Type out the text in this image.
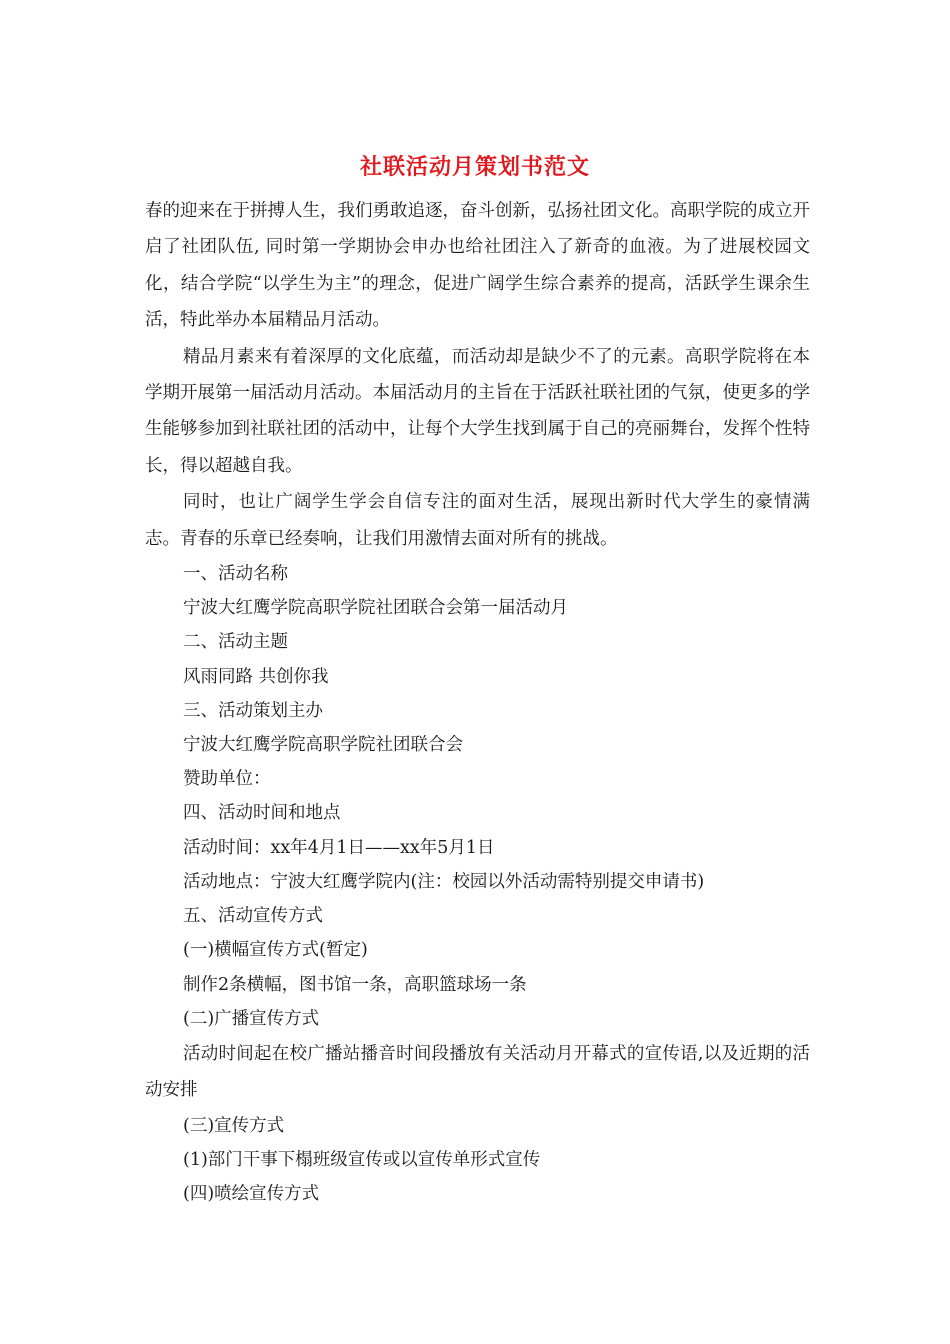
社联活动月策划书范文

春的迎来在于拼搏人生，我们勇敢追逐，奋斗创新，弘扬社团文化。高职学院的成立开启了社团队伍, 同时第一学期协会申办也给社团注入了新奇的血液。为了进展校园文化，结合学院“以学生为主”的理念，促进广阔学生综合素养的提高，活跃学生课余生活，特此举办本届精品月活动。

精品月素来有着深厚的文化底蕴，而活动却是缺少不了的元素。高职学院将在本学期开展第一届活动月活动。本届活动月的主旨在于活跃社联社团的气氛，使更多的学生能够参加到社联社团的活动中，让每个大学生找到属于自己的亮丽舞台，发挥个性特长，得以超越自我。

同时，也让广阔学生学会自信专注的面对生活，展现出新时代大学生的豪情满志。青春的乐章已经奏响，让我们用激情去面对所有的挑战。

一、活动名称

宁波大红鹰学院高职学院社团联合会第一届活动月

二、活动主题

风雨同路 共创你我

三、活动策划主办

宁波大红鹰学院高职学院社团联合会

赞助单位：

四、活动时间和地点

活动时间：xx年4月1日——xx年5月1日

活动地点：宁波大红鹰学院内(注：校园以外活动需特别提交申请书)

五、活动宣传方式

(一)横幅宣传方式(暂定)

制作2条横幅，图书馆一条，高职篮球场一条

(二)广播宣传方式

活动时间起在校广播站播音时间段播放有关活动月开幕式的宣传语,以及近期的活动安排

(三)宣传方式

(1)部门干事下榻班级宣传或以宣传单形式宣传

(四)喷绘宣传方式
